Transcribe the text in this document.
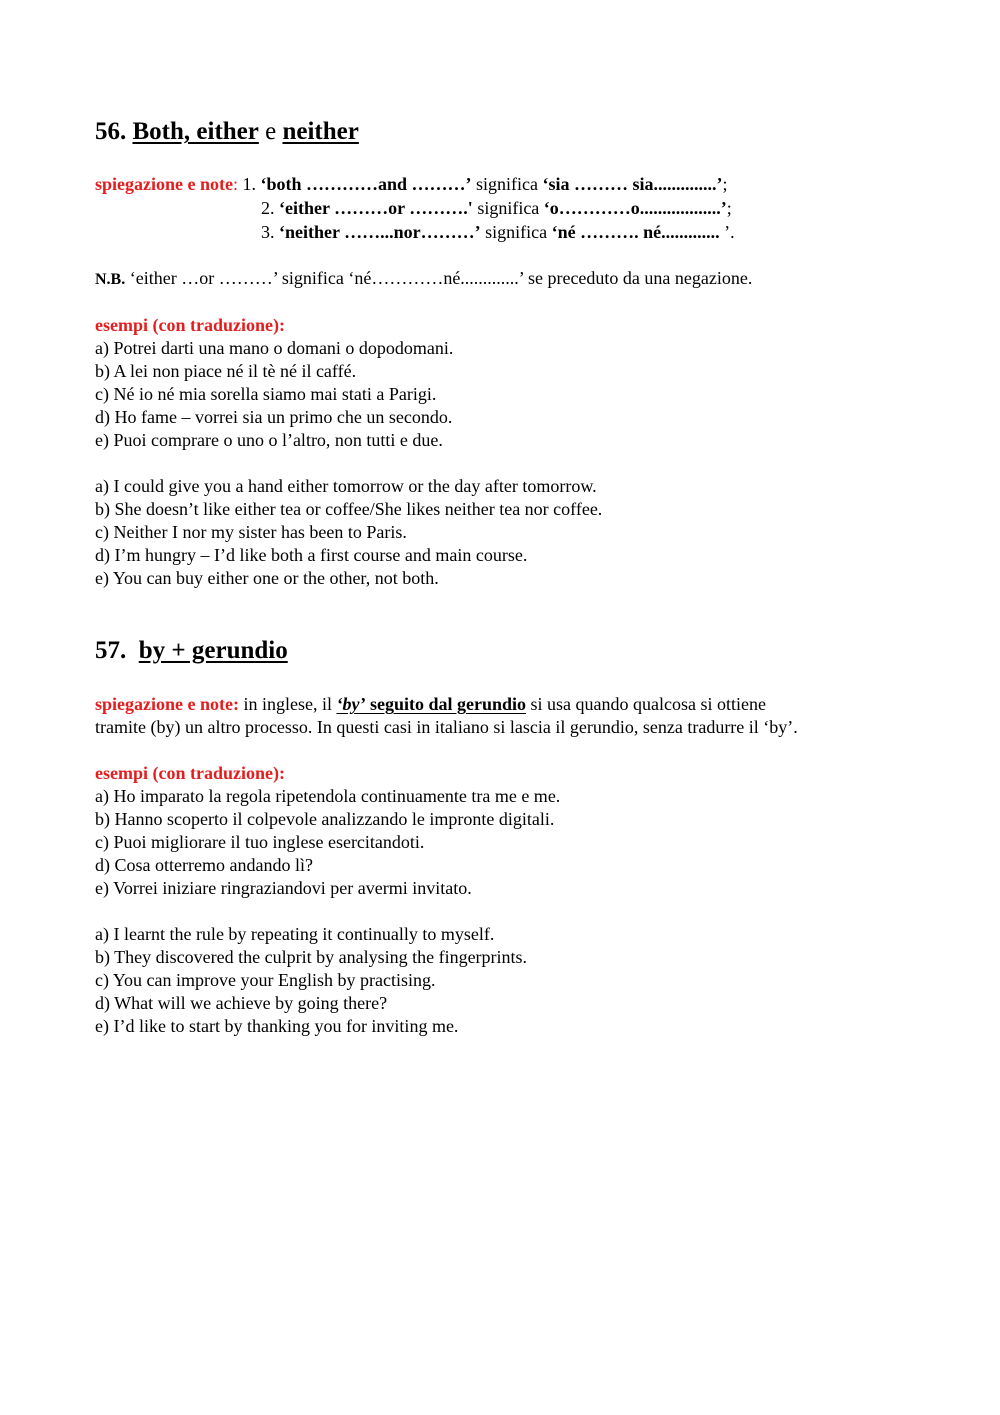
56. Both, either e neither
spiegazione e note: 1. ‘both …………and ………’ significa ‘sia ……… sia..............’;
2. ‘either ………or ……….' significa ‘o…………o..................’;
3. ‘neither ……...nor………’ significa ‘né ………. né............. ’.
N.B. ‘either …or ………’ significa ‘né…………né.............’ se preceduto da una negazione.
esempi (con traduzione):
a) Potrei darti una mano o domani o dopodomani.
b) A lei non piace né il tè né il caffé.
c) Né io né mia sorella siamo mai stati a Parigi.
d) Ho fame – vorrei sia un primo che un secondo.
e) Puoi comprare o uno o l’altro, non tutti e due.
a) I could give you a hand either tomorrow or the day after tomorrow.
b) She doesn’t like either tea or coffee/She likes neither tea nor coffee.
c) Neither I nor my sister has been to Paris.
d) I’m hungry – I’d like both a first course and main course.
e) You can buy either one or the other, not both.
57. by + gerundio
spiegazione e note: in inglese, il ‘by’ seguito dal gerundio si usa quando qualcosa si ottiene
tramite (by) un altro processo. In questi casi in italiano si lascia il gerundio, senza tradurre il ‘by’.
esempi (con traduzione):
a) Ho imparato la regola ripetendola continuamente tra me e me.
b) Hanno scoperto il colpevole analizzando le impronte digitali.
c) Puoi migliorare il tuo inglese esercitandoti.
d) Cosa otterremo andando lì?
e) Vorrei iniziare ringraziandovi per avermi invitato.
a) I learnt the rule by repeating it continually to myself.
b) They discovered the culprit by analysing the fingerprints.
c) You can improve your English by practising.
d) What will we achieve by going there?
e) I’d like to start by thanking you for inviting me.
